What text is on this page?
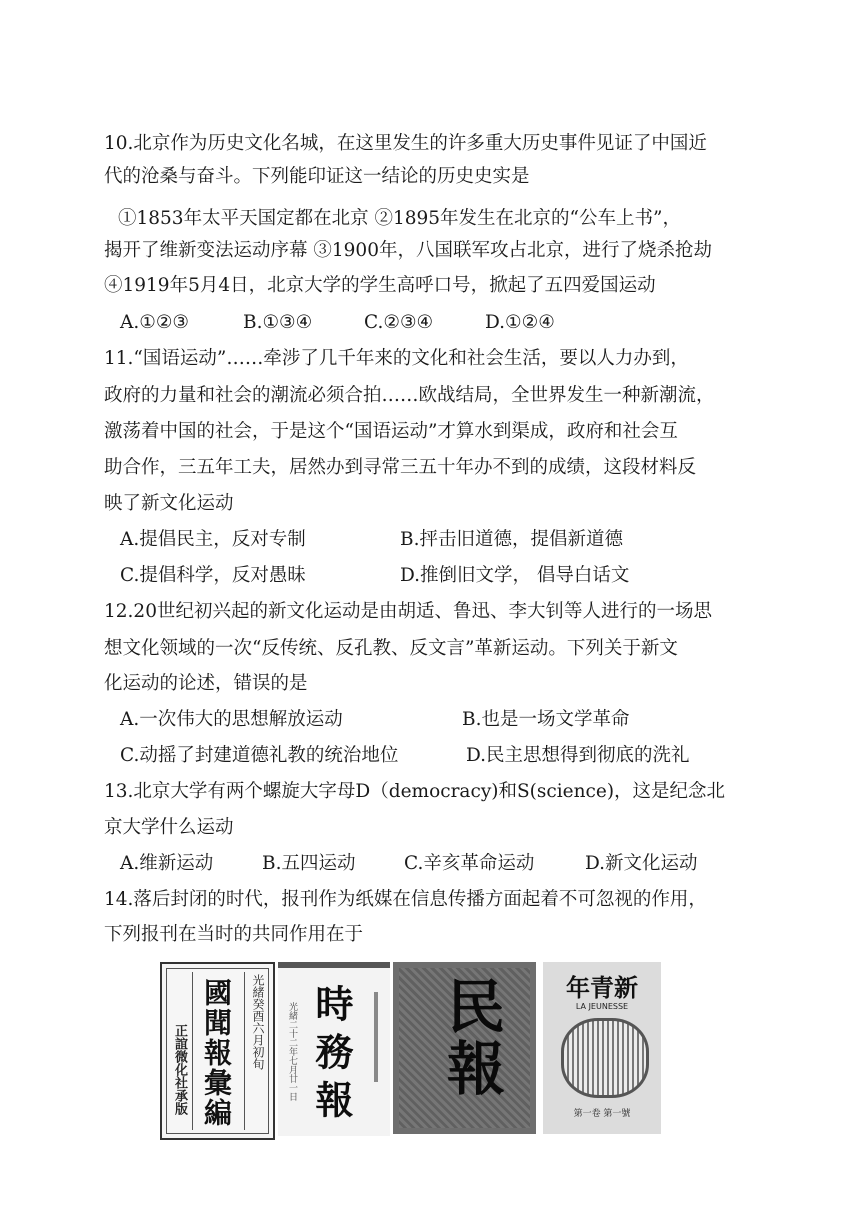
10.北京作为历史文化名城，在这里发生的许多重大历史事件见证了中国近
代的沧桑与奋斗。下列能印证这一结论的历史史实是
①1853年太平天国定都在北京 ②1895年发生在北京的“公车上书”，
揭开了维新变法运动序幕 ③1900年，八国联军攻占北京，进行了烧杀抢劫
④1919年5月4日，北京大学的学生高呼口号，掀起了五四爱国运动
A.①②③	B.①③④	C.②③④	D.①②④
11.“国语运动”……牵涉了几千年来的文化和社会生活，要以人力办到，
政府的力量和社会的潮流必须合拍……欧战结局，全世界发生一种新潮流，
激荡着中国的社会，于是这个“国语运动”才算水到渠成，政府和社会互
助合作，三五年工夫，居然办到寻常三五十年办不到的成绩，这段材料反
映了新文化运动
A.提倡民主，反对专制	B.抨击旧道德，提倡新道德
C.提倡科学，反对愚昧	D.推倒旧文学， 倡导白话文
12.20世纪初兴起的新文化运动是由胡适、鲁迅、李大钊等人进行的一场思
想文化领域的一次“反传统、反孔教、反文言”革新运动。下列关于新文
化运动的论述，错误的是
A.一次伟大的思想解放运动	B.也是一场文学革命
C.动摇了封建道德礼教的统治地位	D.民主思想得到彻底的洗礼
13.北京大学有两个螺旋大字母D（democracy)和S(science)，这是纪念北
京大学什么运动
A.维新运动	B.五四运动	C.辛亥革命运动	D.新文化运动
14.落后封闭的时代，报刊作为纸媒在信息传播方面起着不可忽视的作用，
下列报刊在当时的共同作用在于
國聞報彙編
正誼微化社承版	光緒癸酉六月初旬 時務報
光緒二十二年七月廿一日 民報	新青年
LA JEUNESSE
第一卷 第一號
